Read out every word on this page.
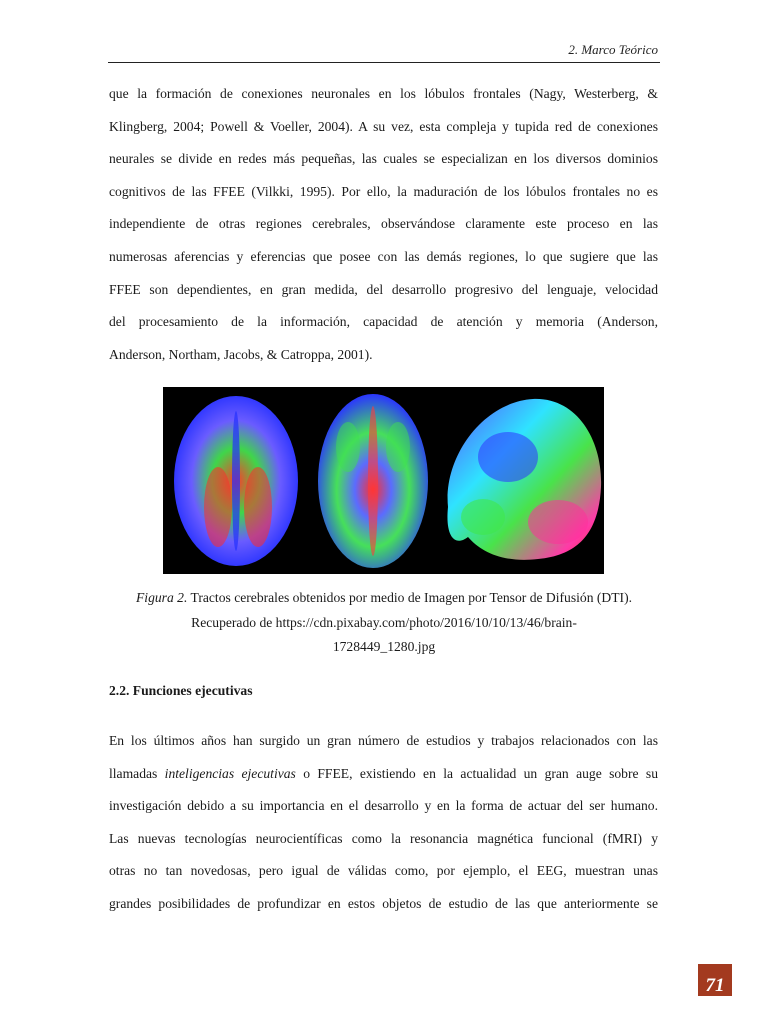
2. Marco Teórico
que la formación de conexiones neuronales en los lóbulos frontales (Nagy, Westerberg, &
Klingberg, 2004; Powell & Voeller, 2004). A su vez, esta compleja y tupida red de conexiones
neurales se divide en redes más pequeñas, las cuales se especializan en los diversos dominios
cognitivos de las FFEE (Vilkki, 1995). Por ello, la maduración de los lóbulos frontales no es
independiente de otras regiones cerebrales, observándose claramente este proceso en las
numerosas aferencias y eferencias que posee con las demás regiones, lo que sugiere que las
FFEE son dependientes, en gran medida, del desarrollo progresivo del lenguaje, velocidad
del procesamiento de la información, capacidad de atención y memoria (Anderson,
Anderson, Northam, Jacobs, & Catroppa, 2001).
Figura 2. Tractos cerebrales obtenidos por medio de Imagen por Tensor de Difusión (DTI).
Recuperado de https://cdn.pixabay.com/photo/2016/10/10/13/46/brain-
1728449_1280.jpg
2.2. Funciones ejecutivas
En los últimos años han surgido un gran número de estudios y trabajos relacionados con las
llamadas inteligencias ejecutivas o FFEE, existiendo en la actualidad un gran auge sobre su
investigación debido a su importancia en el desarrollo y en la forma de actuar del ser humano.
Las nuevas tecnologías neurocientíficas como la resonancia magnética funcional (fMRI) y
otras no tan novedosas, pero igual de válidas como, por ejemplo, el EEG, muestran unas
grandes posibilidades de profundizar en estos objetos de estudio de las que anteriormente se
71
